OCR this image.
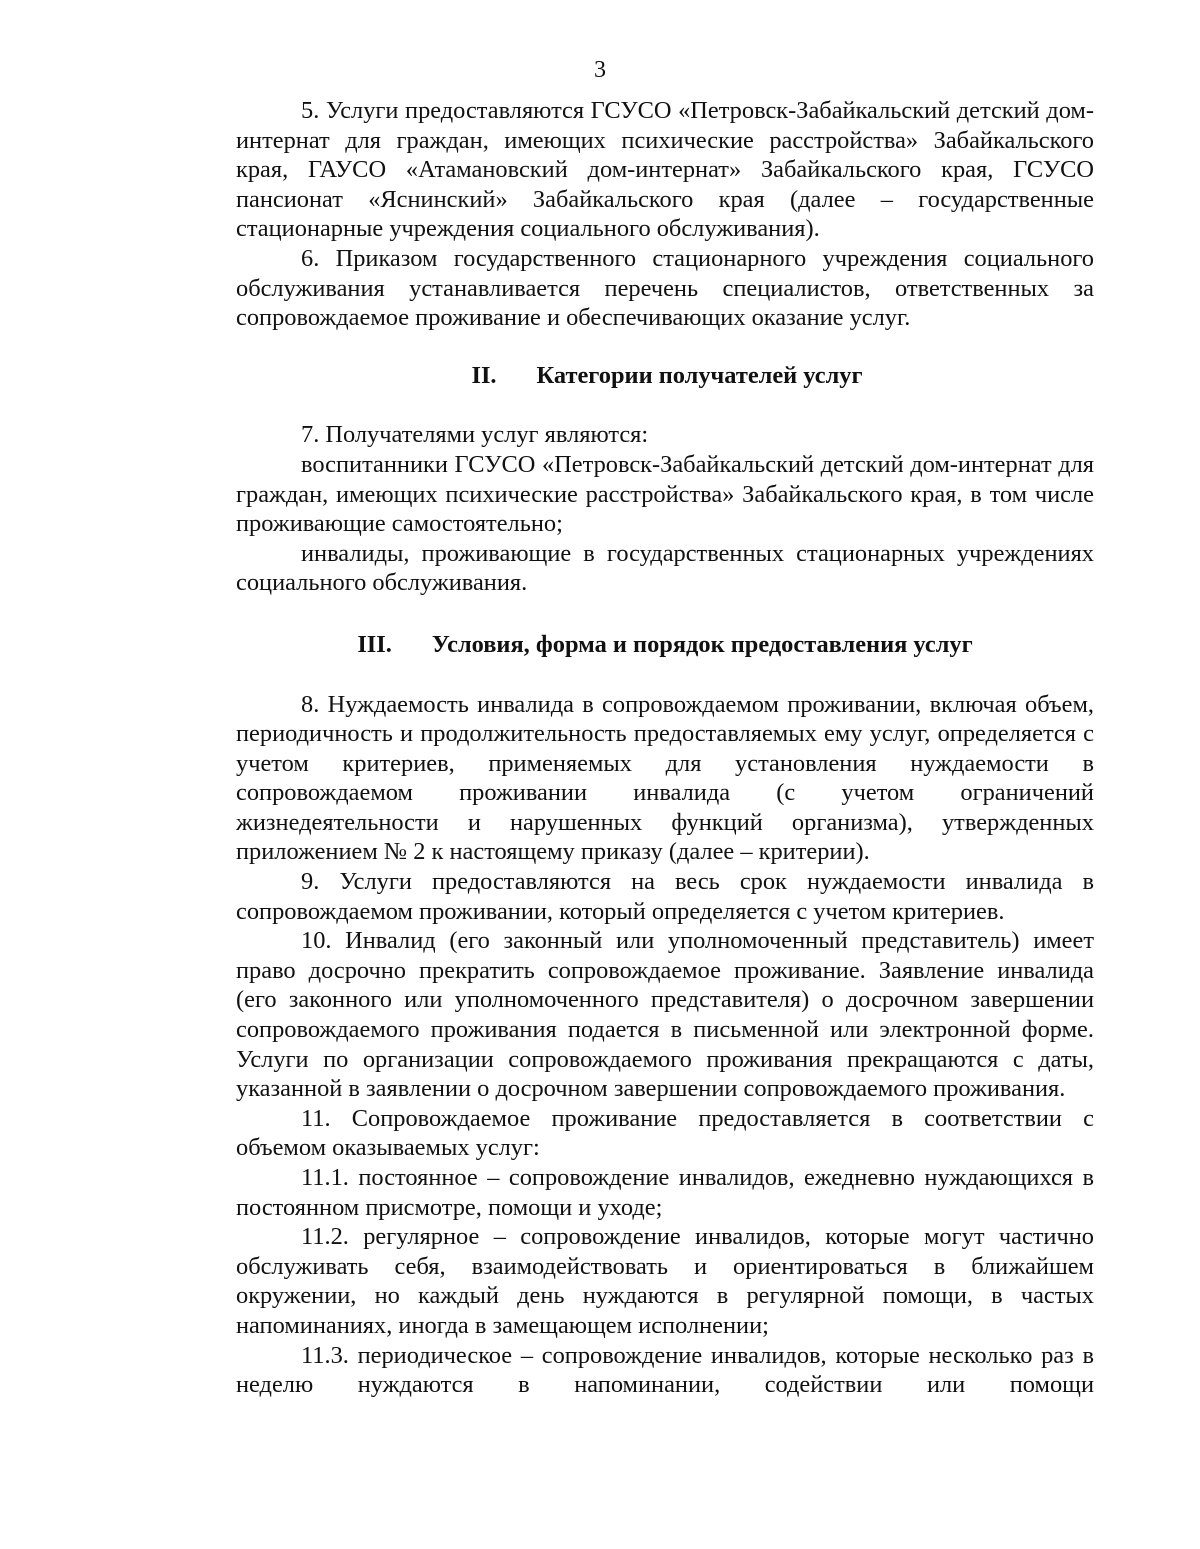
3

5. Услуги предоставляются ГСУСО «Петровск-Забайкальский детский дом-интернат для граждан, имеющих психические расстройства» Забайкальского края, ГАУСО «Атамановский дом-интернат» Забайкальского края, ГСУСО пансионат «Яснинский» Забайкальского края (далее – государственные стационарные учреждения социального обслуживания).

6. Приказом государственного стационарного учреждения социального обслуживания устанавливается перечень специалистов, ответственных за сопровождаемое проживание и обеспечивающих оказание услуг.

II. Категории получателей услуг

7. Получателями услуг являются:

воспитанники ГСУСО «Петровск-Забайкальский детский дом-интернат для граждан, имеющих психические расстройства» Забайкальского края, в том числе проживающие самостоятельно;

инвалиды, проживающие в государственных стационарных учреждениях социального обслуживания.

III. Условия, форма и порядок предоставления услуг

8. Нуждаемость инвалида в сопровождаемом проживании, включая объем, периодичность и продолжительность предоставляемых ему услуг, определяется с учетом критериев, применяемых для установления нуждаемости в сопровождаемом проживании инвалида (с учетом ограничений жизнедеятельности и нарушенных функций организма), утвержденных приложением № 2 к настоящему приказу (далее – критерии).

9. Услуги предоставляются на весь срок нуждаемости инвалида в сопровождаемом проживании, который определяется с учетом критериев.

10. Инвалид (его законный или уполномоченный представитель) имеет право досрочно прекратить сопровождаемое проживание. Заявление инвалида (его законного или уполномоченного представителя) о досрочном завершении сопровождаемого проживания подается в письменной или электронной форме. Услуги по организации сопровождаемого проживания прекращаются с даты, указанной в заявлении о досрочном завершении сопровождаемого проживания.

11. Сопровождаемое проживание предоставляется в соответствии с объемом оказываемых услуг:

11.1. постоянное – сопровождение инвалидов, ежедневно нуждающихся в постоянном присмотре, помощи и уходе;

11.2. регулярное – сопровождение инвалидов, которые могут частично обслуживать себя, взаимодействовать и ориентироваться в ближайшем окружении, но каждый день нуждаются в регулярной помощи, в частых напоминаниях, иногда в замещающем исполнении;

11.3. периодическое – сопровождение инвалидов, которые несколько раз в неделю нуждаются в напоминании, содействии или помощи
